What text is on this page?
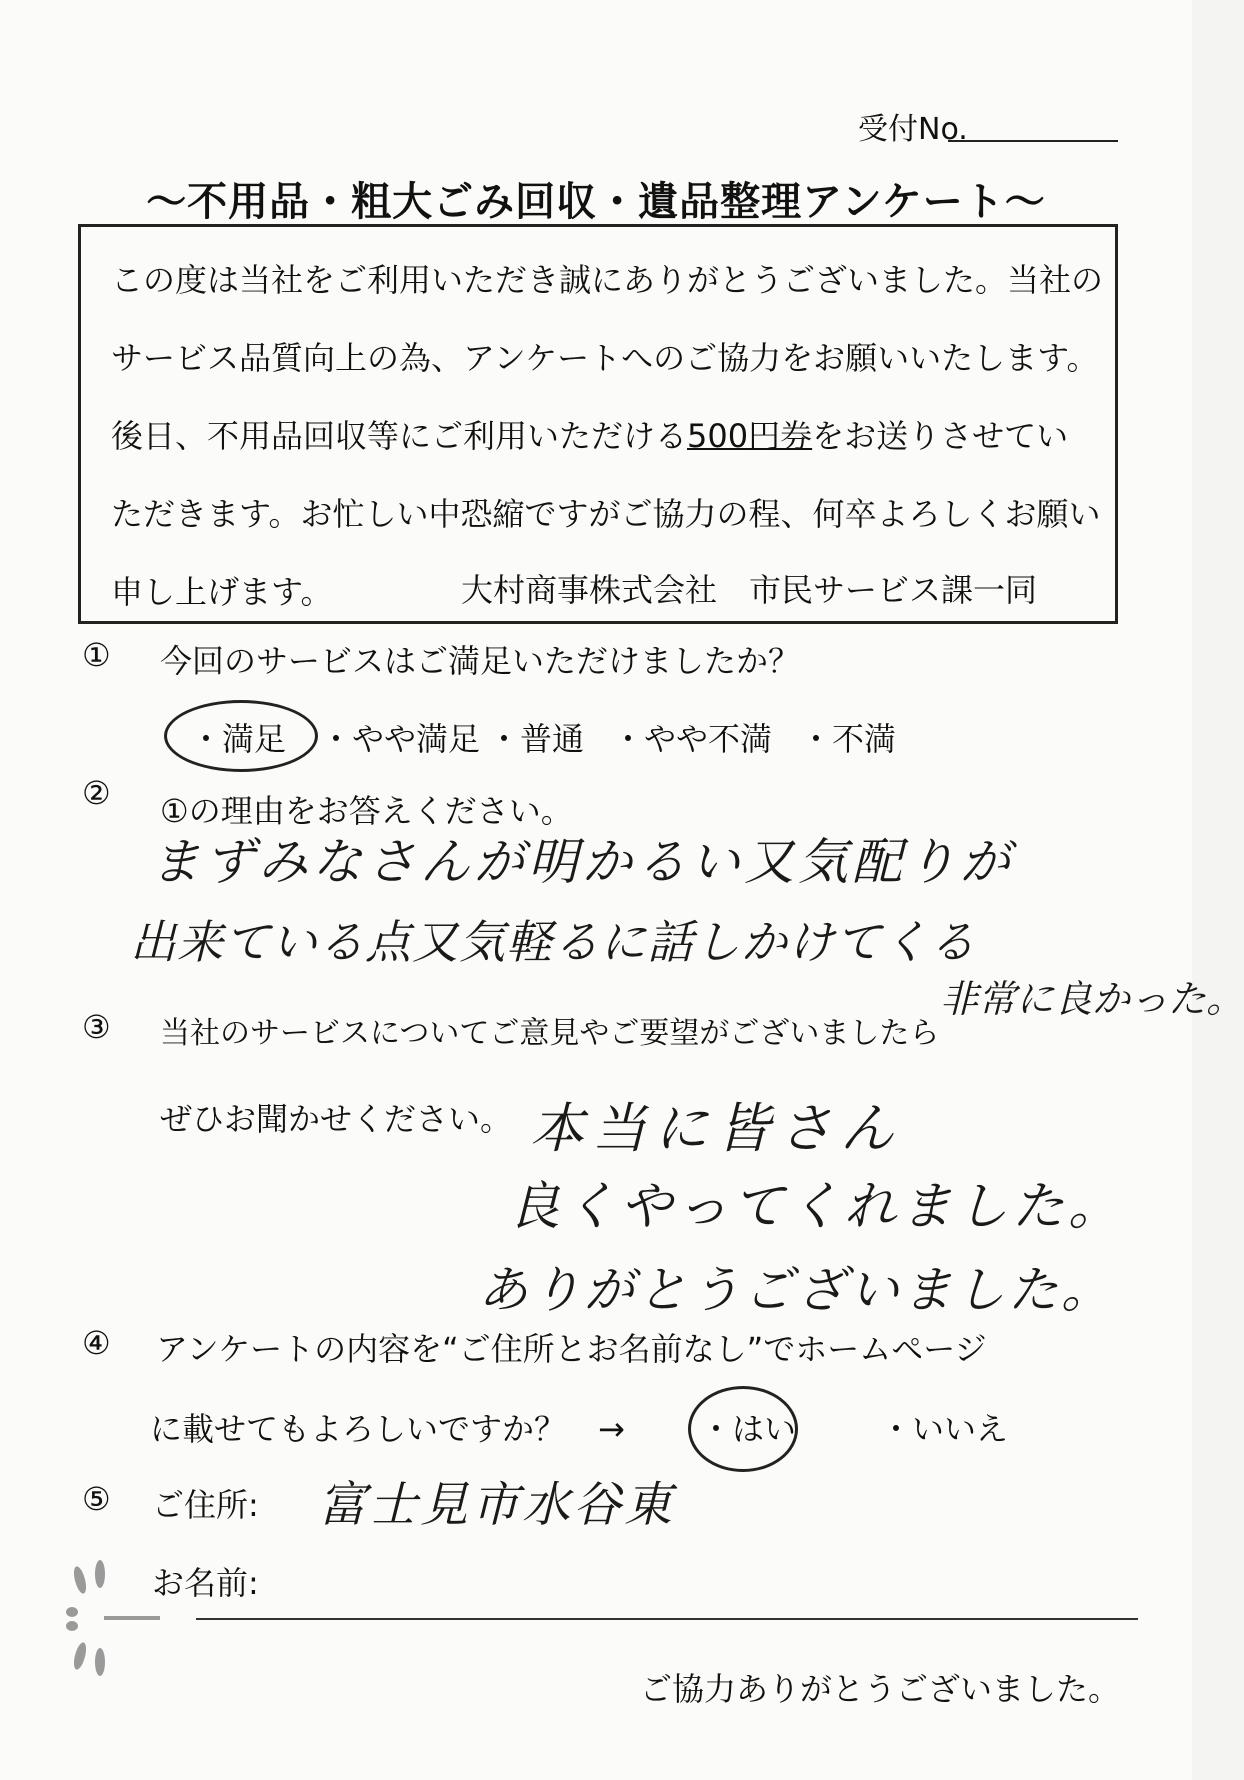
受付No.
～不用品・粗大ごみ回収・遺品整理アンケート～
この度は当社をご利用いただき誠にありがとうございました。当社の
サービス品質向上の為、アンケートへのご協力をお願いいたします。
後日、不用品回収等にご利用いただける500円券をお送りさせてい
ただきます。お忙しい中恐縮ですがご協力の程、何卒よろしくお願い
申し上げます。	大村商事株式会社　市民サービス課一同
① 今回のサービスはご満足いただけましたか？
・満足 ・やや満足 ・普通 ・やや不満 ・不満
② ①の理由をお答えください。
まずみなさんが明かるい又気配りが
出来ている点又気軽るに話しかけてくる
非常に良かった。
③ 当社のサービスについてご意見やご要望がございましたら
ぜひお聞かせください。 本当に皆さん
良くやってくれました。
ありがとうございました。
④ アンケートの内容を“ご住所とお名前なし”でホームページ
に載せてもよろしいですか？　→ ・はい	・いいえ
⑤ ご住所: 富士見市水谷東
お名前:
ご協力ありがとうございました。
